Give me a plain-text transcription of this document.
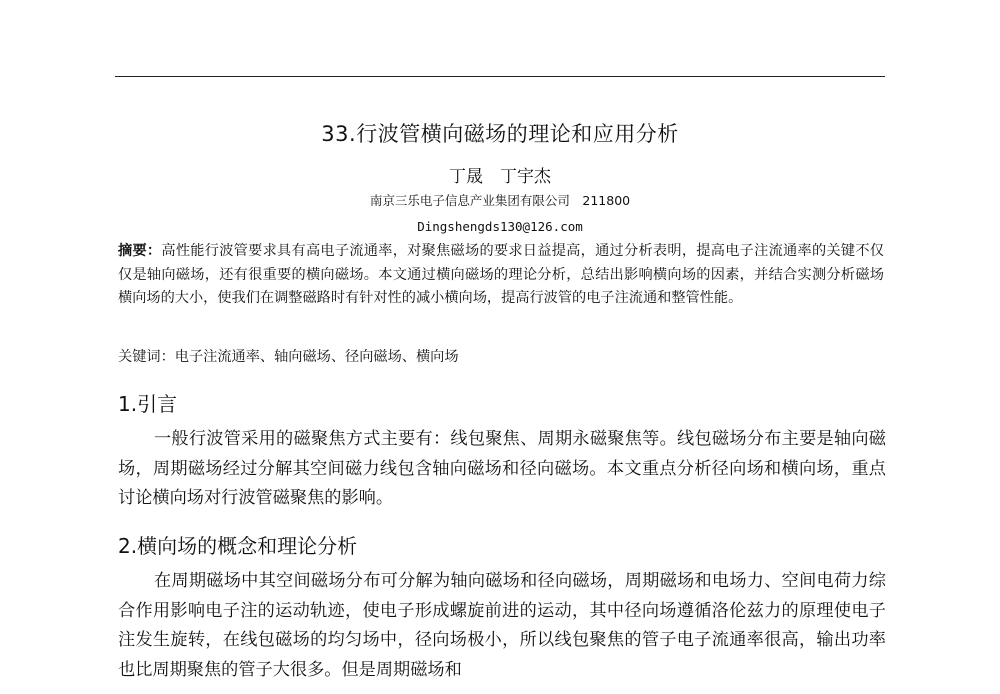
33.行波管横向磁场的理论和应用分析
丁晟　丁宇杰
南京三乐电子信息产业集团有限公司　211800
Dingshengds130@126.com
摘要：高性能行波管要求具有高电子流通率，对聚焦磁场的要求日益提高，通过分析表明，提高电子注流通率的关键不仅仅是轴向磁场，还有很重要的横向磁场。本文通过横向磁场的理论分析，总结出影响横向场的因素，并结合实测分析磁场横向场的大小，使我们在调整磁路时有针对性的减小横向场，提高行波管的电子注流通和整管性能。
关键词：电子注流通率、轴向磁场、径向磁场、横向场
1.引言
一般行波管采用的磁聚焦方式主要有：线包聚焦、周期永磁聚焦等。线包磁场分布主要是轴向磁场，周期磁场经过分解其空间磁力线包含轴向磁场和径向磁场。本文重点分析径向场和横向场，重点讨论横向场对行波管磁聚焦的影响。
2.横向场的概念和理论分析
在周期磁场中其空间磁场分布可分解为轴向磁场和径向磁场，周期磁场和电场力、空间电荷力综合作用影响电子注的运动轨迹，使电子形成螺旋前进的运动，其中径向场遵循洛伦兹力的原理使电子注发生旋转，在线包磁场的均匀场中，径向场极小，所以线包聚焦的管子电子流通率很高，输出功率也比周期聚焦的管子大很多。但是周期磁场和
